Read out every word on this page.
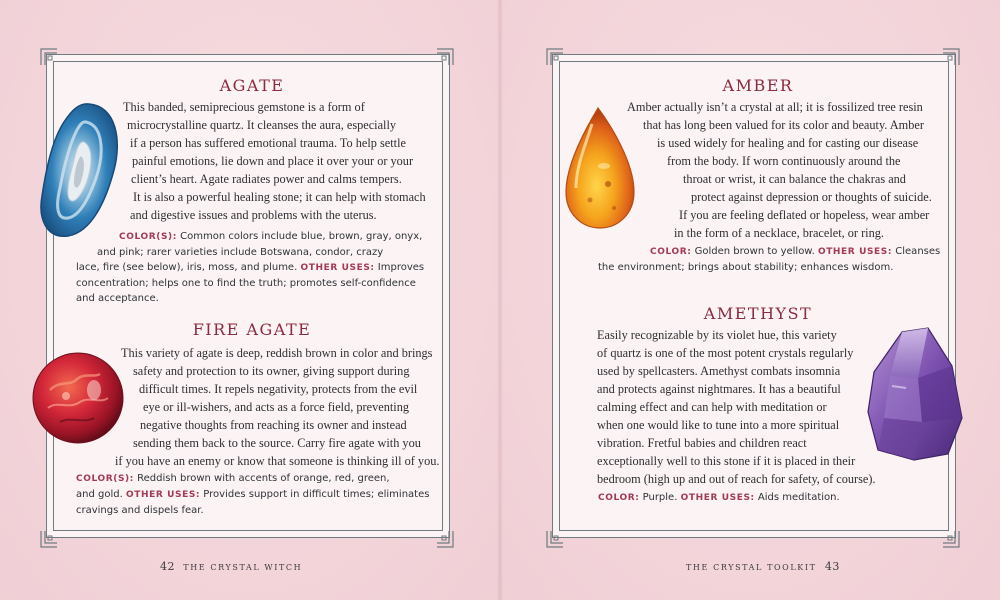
AGATE

This banded, semiprecious gemstone is a form of
microcrystalline quartz. It cleanses the aura, especially
if a person has suffered emotional trauma. To help settle
painful emotions, lie down and place it over your or your
client’s heart. Agate radiates power and calms tempers.
It is also a powerful healing stone; it can help with stomach
and digestive issues and problems with the uterus.

COLOR(S): Common colors include blue, brown, gray, onyx,
and pink; rarer varieties include Botswana, condor, crazy
lace, fire (see below), iris, moss, and plume. OTHER USES: Improves
concentration; helps one to find the truth; promotes self-confidence
and acceptance.
FIRE AGATE

This variety of agate is deep, reddish brown in color and brings
safety and protection to its owner, giving support during
difficult times. It repels negativity, protects from the evil
eye or ill-wishers, and acts as a force field, preventing
negative thoughts from reaching its owner and instead
sending them back to the source. Carry fire agate with you
if you have an enemy or know that someone is thinking ill of you.

COLOR(S): Reddish brown with accents of orange, red, green,
and gold. OTHER USES: Provides support in difficult times; eliminates
cravings and dispels fear.
42 THE CRYSTAL WITCH
AMBER

Amber actually isn’t a crystal at all; it is fossilized tree resin
that has long been valued for its color and beauty. Amber
is used widely for healing and for casting our disease
from the body. If worn continuously around the
throat or wrist, it can balance the chakras and
protect against depression or thoughts of suicide.
If you are feeling deflated or hopeless, wear amber
in the form of a necklace, bracelet, or ring.

COLOR: Golden brown to yellow. OTHER USES: Cleanses
the environment; brings about stability; enhances wisdom.
AMETHYST

Easily recognizable by its violet hue, this variety
of quartz is one of the most potent crystals regularly
used by spellcasters. Amethyst combats insomnia
and protects against nightmares. It has a beautiful
calming effect and can help with meditation or
when one would like to tune into a more spiritual
vibration. Fretful babies and children react
exceptionally well to this stone if it is placed in their
bedroom (high up and out of reach for safety, of course).

COLOR: Purple. OTHER USES: Aids meditation.
THE CRYSTAL TOOLKIT 43
